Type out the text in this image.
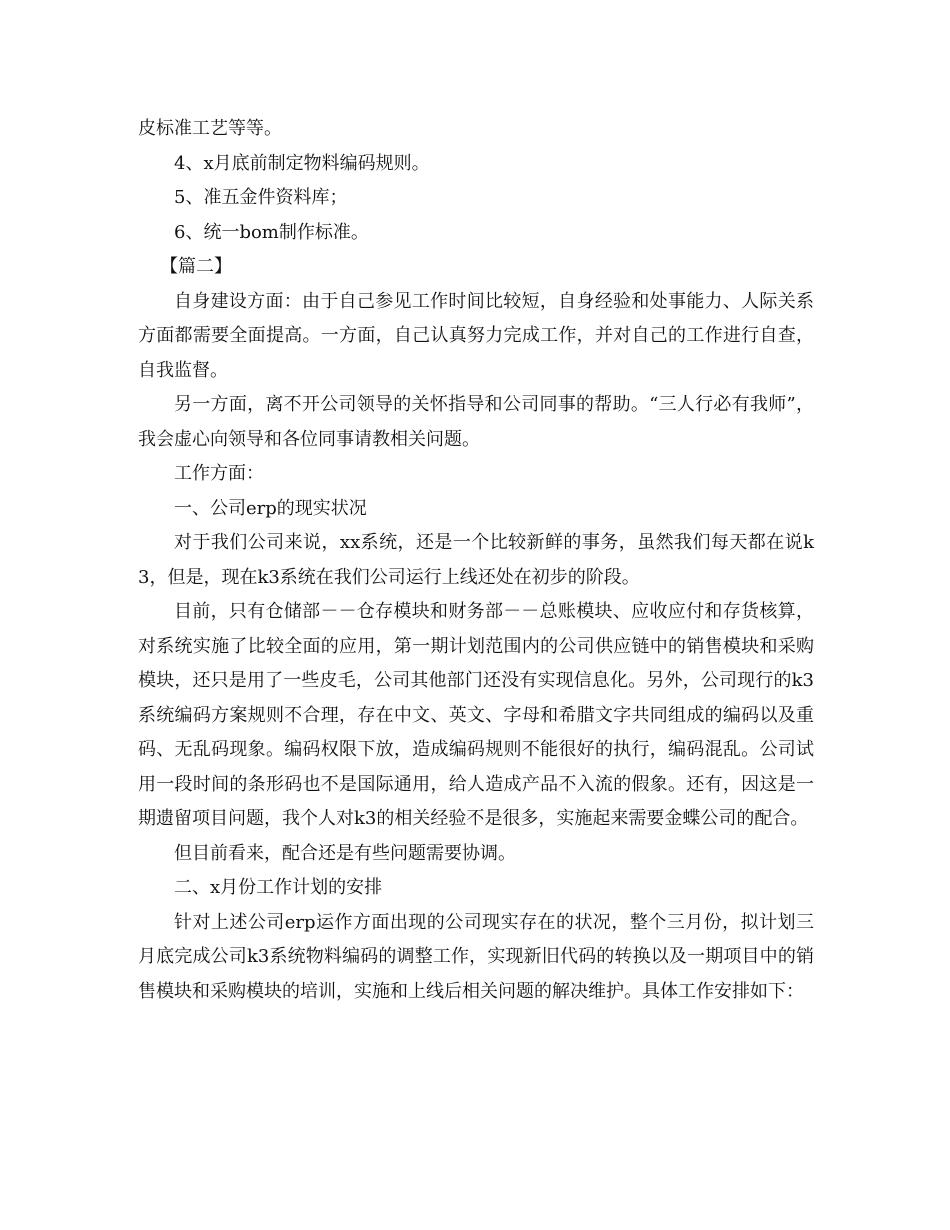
皮标准工艺等等。

4、x月底前制定物料编码规则。

5、准五金件资料库；

6、统一bom制作标准。

【篇二】

自身建设方面：由于自己参见工作时间比较短，自身经验和处事能力、人际关系方面都需要全面提高。一方面，自己认真努力完成工作，并对自己的工作进行自查，自我监督。

另一方面，离不开公司领导的关怀指导和公司同事的帮助。“三人行必有我师”，我会虚心向领导和各位同事请教相关问题。

工作方面：

一、公司erp的现实状况

对于我们公司来说，xx系统，还是一个比较新鲜的事务，虽然我们每天都在说k3，但是，现在k3系统在我们公司运行上线还处在初步的阶段。

目前，只有仓储部－－仓存模块和财务部－－总账模块、应收应付和存货核算，对系统实施了比较全面的应用，第一期计划范围内的公司供应链中的销售模块和采购模块，还只是用了一些皮毛，公司其他部门还没有实现信息化。另外，公司现行的k3系统编码方案规则不合理，存在中文、英文、字母和希腊文字共同组成的编码以及重码、无乱码现象。编码权限下放，造成编码规则不能很好的执行，编码混乱。公司试用一段时间的条形码也不是国际通用，给人造成产品不入流的假象。还有，因这是一期遗留项目问题，我个人对k3的相关经验不是很多，实施起来需要金蝶公司的配合。

但目前看来，配合还是有些问题需要协调。

二、x月份工作计划的安排

针对上述公司erp运作方面出现的公司现实存在的状况，整个三月份，拟计划三月底完成公司k3系统物料编码的调整工作，实现新旧代码的转换以及一期项目中的销售模块和采购模块的培训，实施和上线后相关问题的解决维护。具体工作安排如下：
